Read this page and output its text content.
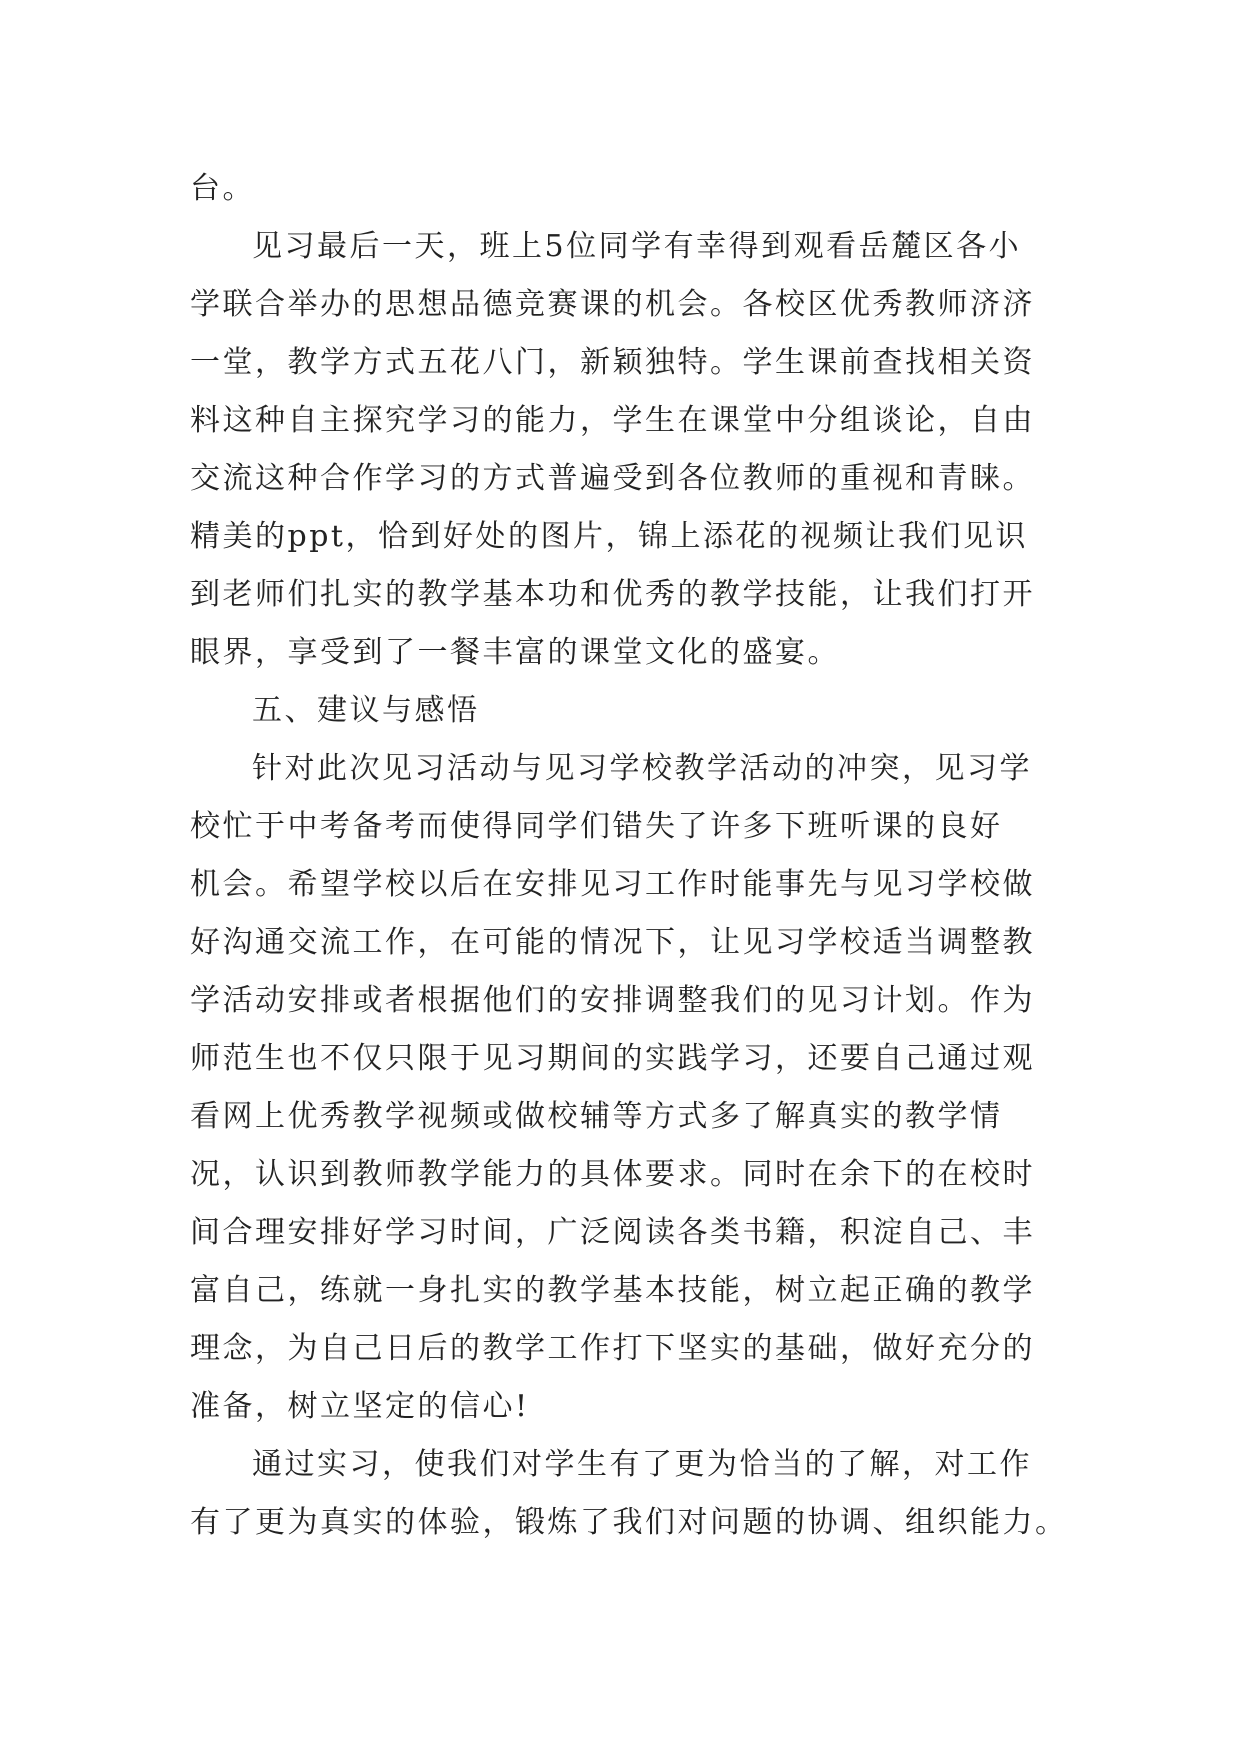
台。
见习最后一天，班上5位同学有幸得到观看岳麓区各小
学联合举办的思想品德竞赛课的机会。各校区优秀教师济济
一堂，教学方式五花八门，新颖独特。学生课前查找相关资
料这种自主探究学习的能力，学生在课堂中分组谈论，自由
交流这种合作学习的方式普遍受到各位教师的重视和青睐。
精美的ppt，恰到好处的图片，锦上添花的视频让我们见识
到老师们扎实的教学基本功和优秀的教学技能，让我们打开
眼界，享受到了一餐丰富的课堂文化的盛宴。
五、建议与感悟
针对此次见习活动与见习学校教学活动的冲突，见习学
校忙于中考备考而使得同学们错失了许多下班听课的良好
机会。希望学校以后在安排见习工作时能事先与见习学校做
好沟通交流工作，在可能的情况下，让见习学校适当调整教
学活动安排或者根据他们的安排调整我们的见习计划。作为
师范生也不仅只限于见习期间的实践学习，还要自己通过观
看网上优秀教学视频或做校辅等方式多了解真实的教学情
况，认识到教师教学能力的具体要求。同时在余下的在校时
间合理安排好学习时间，广泛阅读各类书籍，积淀自己、丰
富自己，练就一身扎实的教学基本技能，树立起正确的教学
理念，为自己日后的教学工作打下坚实的基础，做好充分的
准备，树立坚定的信心!
通过实习，使我们对学生有了更为恰当的了解，对工作
有了更为真实的体验，锻炼了我们对问题的协调、组织能力。
